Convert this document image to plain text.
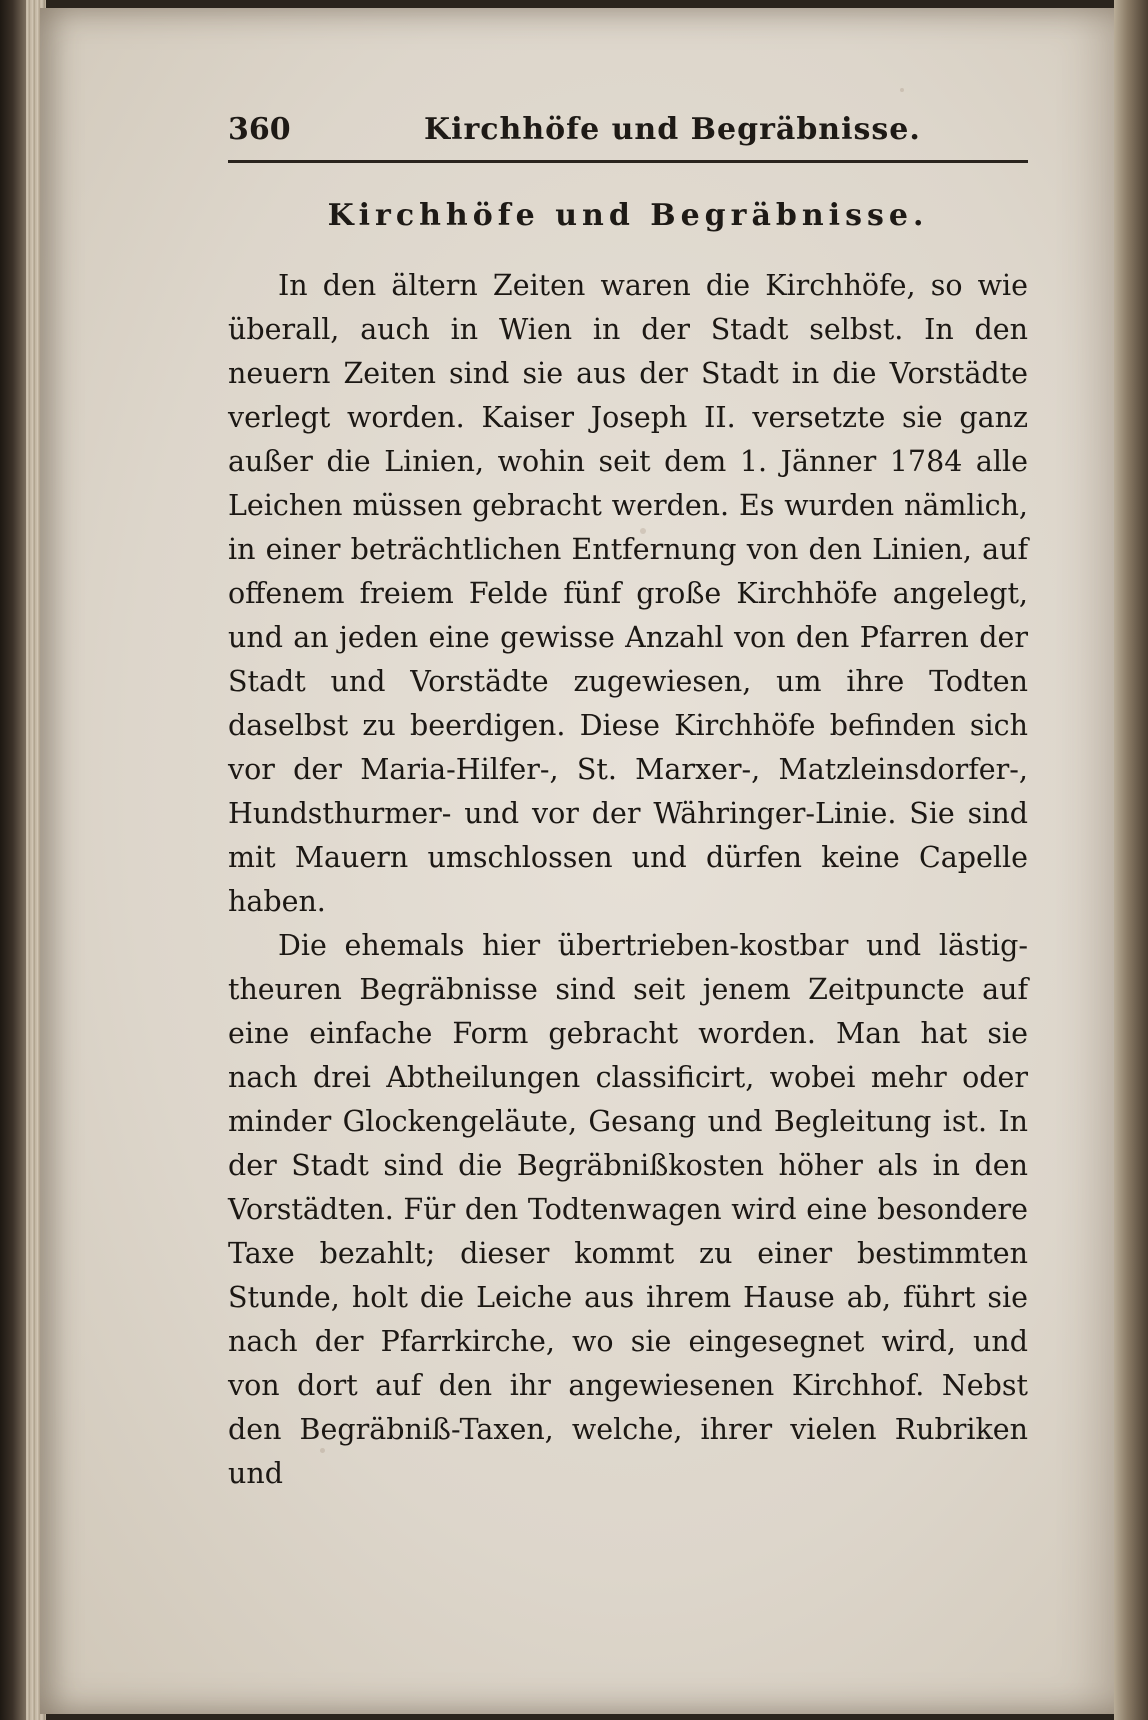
360	Kirchhöfe und Begräbnisse.
Kirchhöfe und Begräbnisse.

In den ältern Zeiten waren die Kirchhöfe, so wie überall, auch in Wien in der Stadt selbst. In den neuern Zeiten sind sie aus der Stadt in die Vorstädte verlegt worden. Kaiser Joseph II. versetzte sie ganz außer die Linien, wohin seit dem 1. Jänner 1784 alle Leichen müssen gebracht werden. Es wurden nämlich, in einer beträchtlichen Entfernung von den Linien, auf offenem freiem Felde fünf große Kirchhöfe angelegt, und an jeden eine gewisse Anzahl von den Pfarren der Stadt und Vorstädte zugewiesen, um ihre Todten daselbst zu beerdigen. Diese Kirchhöfe befinden sich vor der Maria-Hilfer-, St. Marxer-, Matzleinsdorfer-, Hundsthurmer- und vor der Währinger-Linie. Sie sind mit Mauern umschlossen und dürfen keine Capelle haben.

Die ehemals hier übertrieben-kostbar und lästig-theuren Begräbnisse sind seit jenem Zeitpuncte auf eine einfache Form gebracht worden. Man hat sie nach drei Abtheilungen classificirt, wobei mehr oder minder Glockengeläute, Gesang und Begleitung ist. In der Stadt sind die Begräbnißkosten höher als in den Vorstädten. Für den Todtenwagen wird eine besondere Taxe bezahlt; dieser kommt zu einer bestimmten Stunde, holt die Leiche aus ihrem Hause ab, führt sie nach der Pfarrkirche, wo sie eingesegnet wird, und von dort auf den ihr angewiesenen Kirchhof. Nebst den Begräbniß-Taxen, welche, ihrer vielen Rubriken und
